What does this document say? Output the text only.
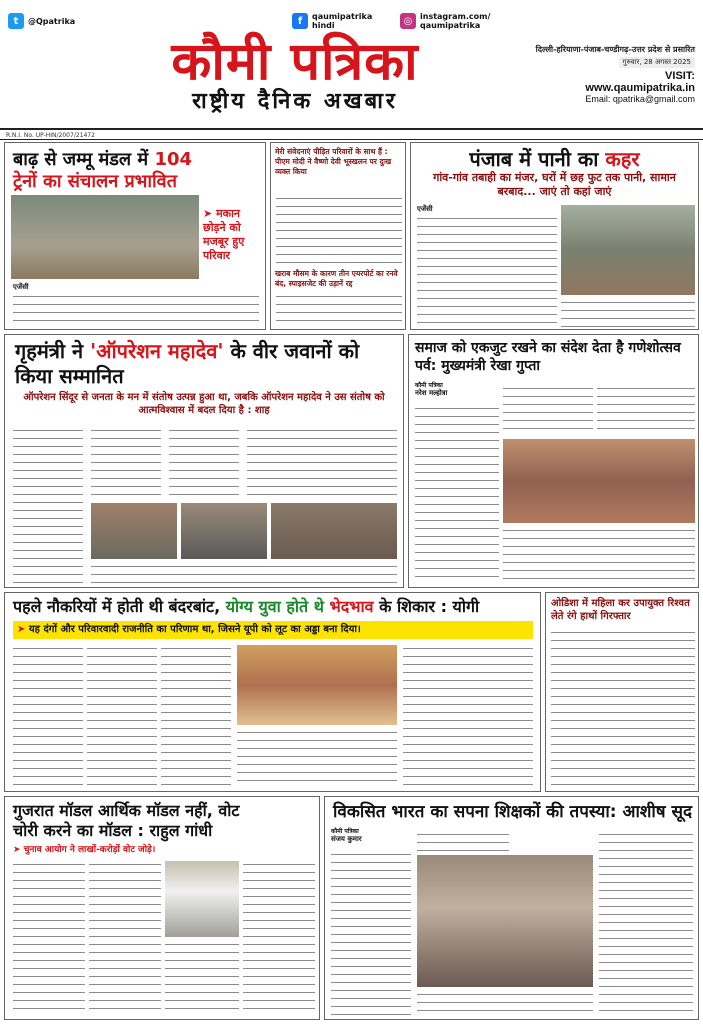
t	@Qpatrika	f	qaumipatrika
hindi	◎ instagram.com/
qaumipatrika
कौमी पत्रिका
राष्ट्रीय दैनिक अखबार
दिल्ली-हरियाणा-पंजाब-चण्डीगढ़-उत्तर प्रदेश से प्रसारित
गुरुवार, 28 अगस्त 2025
VISIT:
www.qaumipatrika.in
Email: qpatrika@gmail.com
R.N.I. No. UP-HIN/2007/21472
बाढ़ से जम्मू मंडल में 104
ट्रेनों का संचालन प्रभावित
➤ मकान छोड़ने को मजबूर हुए परिवार
एजेंसी
मेरी संवेदनाएं पीड़ित परिवारों के साथ हैं : पीएम मोदी ने वैष्णो देवी भूस्खलन पर दुःख व्यक्त किया
खराब मौसम के कारण तीन एयरपोर्ट का रनवे बंद, स्पाइसजेट की उड़ानें रद्द
पंजाब में पानी का कहर
गांव-गांव तबाही का मंजर, घरों में छह फुट तक पानी, सामान बरबाद... जाएं तो कहां जाएं
एजेंसी
गृहमंत्री ने 'ऑपरेशन महादेव' के वीर जवानों को किया सम्मानित
ऑपरेशन सिंदूर से जनता के मन में संतोष उत्पन्न हुआ था, जबकि ऑपरेशन महादेव ने उस संतोष को आत्मविश्वास में बदल दिया है : शाह
समाज को एकजुट रखने का संदेश देता है गणेशोत्सव पर्व: मुख्यमंत्री रेखा गुप्ता
कौमी पत्रिका
नरेश मल्होत्रा
पहले नौकरियों में होती थी बंदरबांट, योग्य युवा होते थे भेदभाव के शिकार : योगी
➤ यह दंगों और परिवारवादी राजनीति का परिणाम था, जिसने यूपी को लूट का अड्डा बना दिया।
ओडिशा में महिला कर उपायुक्त रिश्वत लेते रंगे हाथों गिरफ्तार
गुजरात मॉडल आर्थिक मॉडल नहीं, वोट
चोरी करने का मॉडल : राहुल गांधी
➤ चुनाव आयोग ने लाखों-करोड़ों वोट जोड़े।
विकसित भारत का सपना शिक्षकों की तपस्या: आशीष सूद
कौमी पत्रिका
संजय कुमार
